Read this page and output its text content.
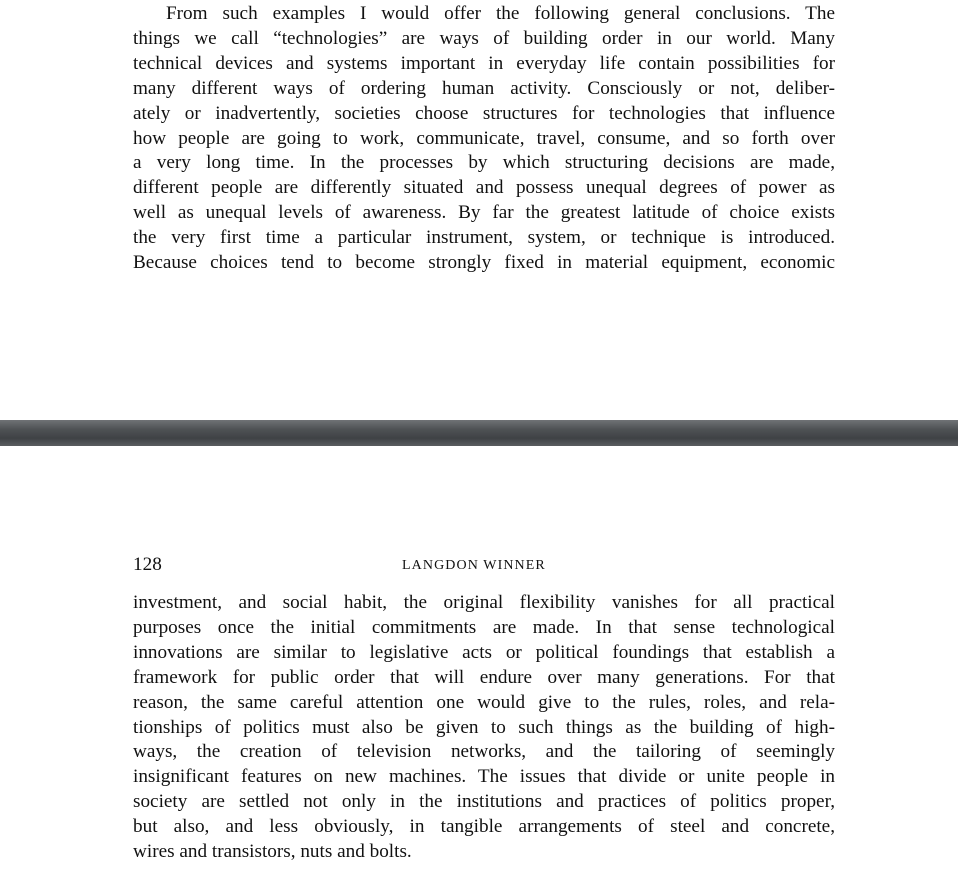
From such examples I would offer the following general conclusions. The
things we call “technologies” are ways of building order in our world. Many
technical devices and systems important in everyday life contain possibilities for
many different ways of ordering human activity. Consciously or not, deliber-
ately or inadvertently, societies choose structures for technologies that influence
how people are going to work, communicate, travel, consume, and so forth over
a very long time. In the processes by which structuring decisions are made,
different people are differently situated and possess unequal degrees of power as
well as unequal levels of awareness. By far the greatest latitude of choice exists
the very first time a particular instrument, system, or technique is introduced.
Because choices tend to become strongly fixed in material equipment, economic
128	LANGDON WINNER
investment, and social habit, the original flexibility vanishes for all practical
purposes once the initial commitments are made. In that sense technological
innovations are similar to legislative acts or political foundings that establish a
framework for public order that will endure over many generations. For that
reason, the same careful attention one would give to the rules, roles, and rela-
tionships of politics must also be given to such things as the building of high-
ways, the creation of television networks, and the tailoring of seemingly
insignificant features on new machines. The issues that divide or unite people in
society are settled not only in the institutions and practices of politics proper,
but also, and less obviously, in tangible arrangements of steel and concrete,
wires and transistors, nuts and bolts.
